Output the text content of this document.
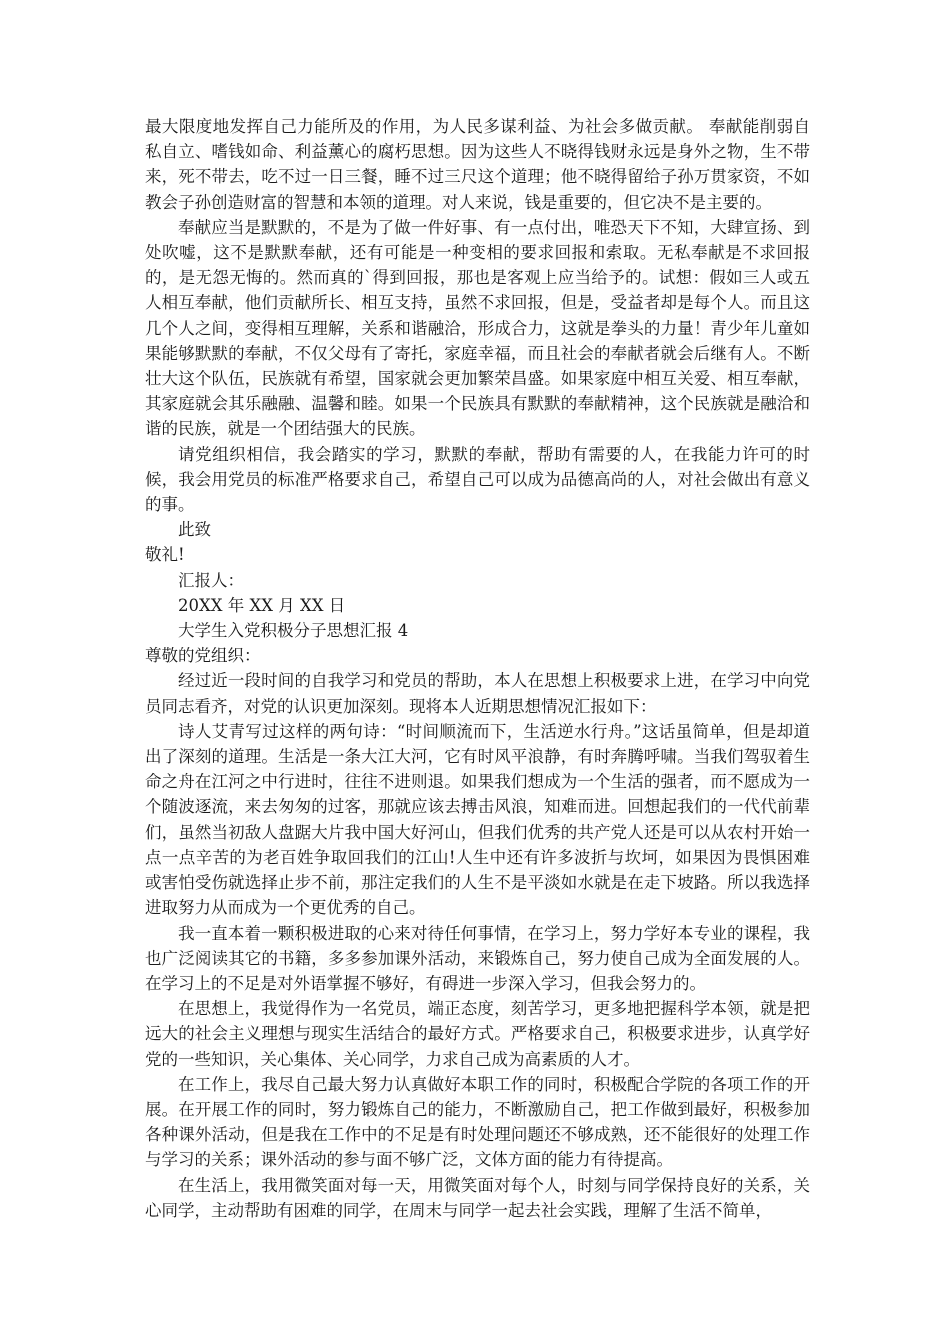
最大限度地发挥自己力能所及的作用，为人民多谋利益、为社会多做贡献。 奉献能削弱自私自立、嗜钱如命、利益薰心的腐朽思想。因为这些人不晓得钱财永远是身外之物，生不带来，死不带去，吃不过一日三餐，睡不过三尺这个道理；他不晓得留给子孙万贯家资，不如教会子孙创造财富的智慧和本领的道理。对人来说，钱是重要的，但它决不是主要的。

奉献应当是默默的，不是为了做一件好事、有一点付出，唯恐天下不知，大肆宣扬、到处吹嘘，这不是默默奉献，还有可能是一种变相的要求回报和索取。无私奉献是不求回报的，是无怨无悔的。然而真的`得到回报，那也是客观上应当给予的。试想：假如三人或五人相互奉献，他们贡献所长、相互支持，虽然不求回报，但是，受益者却是每个人。而且这几个人之间，变得相互理解，关系和谐融洽，形成合力，这就是拳头的力量！青少年儿童如果能够默默的奉献，不仅父母有了寄托，家庭幸福，而且社会的奉献者就会后继有人。不断壮大这个队伍，民族就有希望，国家就会更加繁荣昌盛。如果家庭中相互关爱、相互奉献，其家庭就会其乐融融、温馨和睦。如果一个民族具有默默的奉献精神，这个民族就是融洽和谐的民族，就是一个团结强大的民族。

请党组织相信，我会踏实的学习，默默的奉献，帮助有需要的人，在我能力许可的时候，我会用党员的标准严格要求自己，希望自己可以成为品德高尚的人，对社会做出有意义的事。

此致

敬礼!

汇报人：

20XX 年 XX 月 XX 日

大学生入党积极分子思想汇报 4

尊敬的党组织：

经过近一段时间的自我学习和党员的帮助，本人在思想上积极要求上进，在学习中向党员同志看齐，对党的认识更加深刻。现将本人近期思想情况汇报如下：

诗人艾青写过这样的两句诗：“时间顺流而下，生活逆水行舟。”这话虽简单，但是却道出了深刻的道理。生活是一条大江大河，它有时风平浪静，有时奔腾呼啸。当我们驾驭着生命之舟在江河之中行进时，往往不进则退。如果我们想成为一个生活的强者，而不愿成为一个随波逐流，来去匆匆的过客，那就应该去搏击风浪，知难而进。回想起我们的一代代前辈们，虽然当初敌人盘踞大片我中国大好河山，但我们优秀的共产党人还是可以从农村开始一点一点辛苦的为老百姓争取回我们的江山!人生中还有许多波折与坎坷，如果因为畏惧困难或害怕受伤就选择止步不前，那注定我们的人生不是平淡如水就是在走下坡路。所以我选择进取努力从而成为一个更优秀的自己。

我一直本着一颗积极进取的心来对待任何事情，在学习上，努力学好本专业的课程，我也广泛阅读其它的书籍，多多参加课外活动，来锻炼自己，努力使自己成为全面发展的人。在学习上的不足是对外语掌握不够好，有碍进一步深入学习，但我会努力的。

在思想上，我觉得作为一名党员，端正态度，刻苦学习，更多地把握科学本领，就是把远大的社会主义理想与现实生活结合的最好方式。严格要求自己，积极要求进步，认真学好党的一些知识，关心集体、关心同学，力求自己成为高素质的人才。

在工作上，我尽自己最大努力认真做好本职工作的同时，积极配合学院的各项工作的开展。在开展工作的同时，努力锻炼自己的能力，不断激励自己，把工作做到最好，积极参加各种课外活动，但是我在工作中的不足是有时处理问题还不够成熟，还不能很好的处理工作与学习的关系；课外活动的参与面不够广泛，文体方面的能力有待提高。

在生活上，我用微笑面对每一天，用微笑面对每个人，时刻与同学保持良好的关系，关心同学，主动帮助有困难的同学，在周末与同学一起去社会实践，理解了生活不简单，
